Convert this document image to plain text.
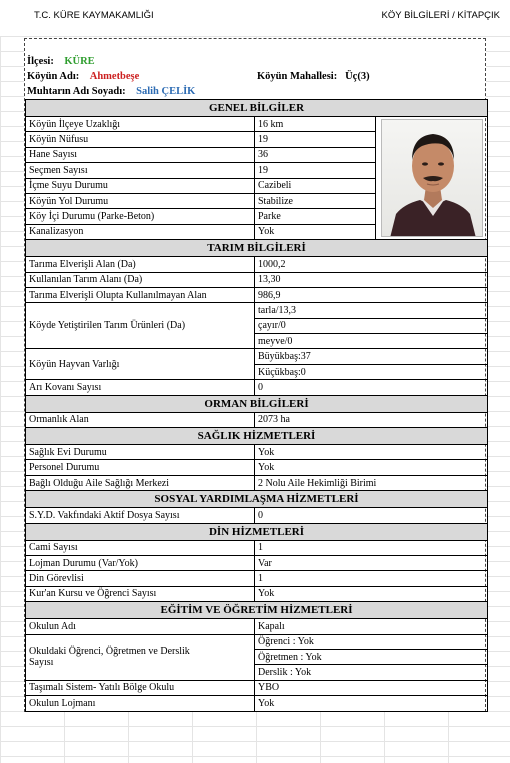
T.C. KÜRE KAYMAKAMLIĞI	KÖY BİLGİLERİ / KİTAPÇIK
İlçesi: KÜRE
Köyün Adı: Ahmetbeşe	Köyün Mahallesi: Üç(3)
Muhtarın Adı Soyadı: Salih ÇELİK
GENEL BİLGİLER		
Köyün İlçeye Uzaklığı	16 km	

Köyün Nüfusu	19	
Hane Sayısı	36	
Seçmen Sayısı	19	
İçme Suyu Durumu	Cazibeli	
Köyün Yol Durumu	Stabilize	
Köy İçi Durumu (Parke-Beton)	Parke	
Kanalizasyon	Yok	
TARIM BİLGİLERİ		
Tarıma Elverişli Alan (Da)	1000,2	
Kullanılan Tarım Alanı (Da)	13,30	
Tarıma Elverişli Olupta Kullanılmayan Alan	986,9	
Köyde Yetiştirilen Tarım Ürünleri (Da)	tarla/13,3	
	çayır/0	
	meyve/0	
Köyün Hayvan Varlığı	Büyükbaş:37	
	Küçükbaş:0	
Arı Kovanı Sayısı	0	
ORMAN BİLGİLERİ		
Ormanlık Alan	2073 ha	
SAĞLIK HİZMETLERİ		
Sağlık Evi Durumu	Yok	
Personel Durumu	Yok	
Bağlı Olduğu Aile Sağlığı Merkezi	2 Nolu Aile Hekimliği Birimi	
SOSYAL YARDIMLAŞMA HİZMETLERİ		
S.Y.D. Vakfındaki Aktif Dosya Sayısı	0	
DİN HİZMETLERİ		
Cami Sayısı	1	
Lojman Durumu (Var/Yok)	Var	
Din Görevlisi	1	
Kur'an Kursu ve Öğrenci Sayısı	Yok	
EĞİTİM VE ÖĞRETİM HİZMETLERİ		
Okulun Adı	Kapalı	
Okuldaki Öğrenci, Öğretmen ve Derslik
Sayısı	Öğrenci : Yok	
	Öğretmen : Yok	
	Derslik : Yok	
Taşımalı Sistem- Yatılı Bölge Okulu	YBO	
Okulun Lojmanı	Yok	
